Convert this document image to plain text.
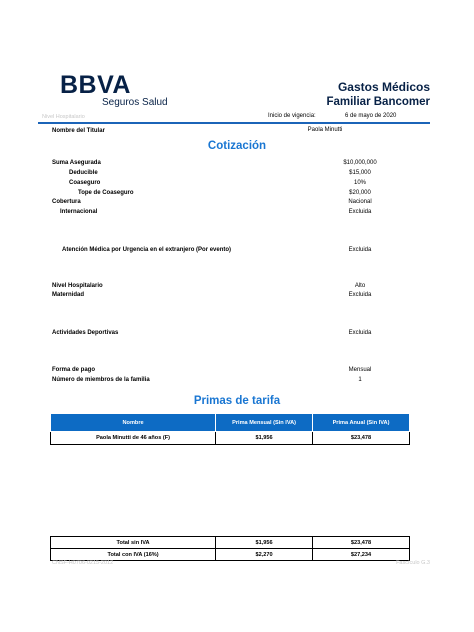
BBVA
Seguros Salud
Gastos Médicos
Familiar Bancomer
Nivel Hospitalario	Inicio de vigencia:	6 de mayo de 2020
Nombre del Titular	Paola Minutti
Cotización
Suma Asegurada	$10,000,000
Deducible	$15,000
Coaseguro	10%
Tope de Coaseguro	$20,000
Cobertura	Nacional
Internacional	Excluida
Atención Médica por Urgencia en el extranjero (Por evento)	Excluida
Nivel Hospitalario	Alto
Maternidad	Excluida
Actividades Deportivas	Excluida
Forma de pago	Mensual
Número de miembros de la familia	1
Primas de tarifa
Nombre	Prima Mensual (Sin IVA)	Prima Anual (Sin IVA)
Paola Minutti de 46 años (F)	$1,956	$23,478
Total sin IVA	$1,956	$23,478
Total con IVA (16%)	$2,270	$27,234
CNSF-H0706-0215-2012	Fascículo G.3
